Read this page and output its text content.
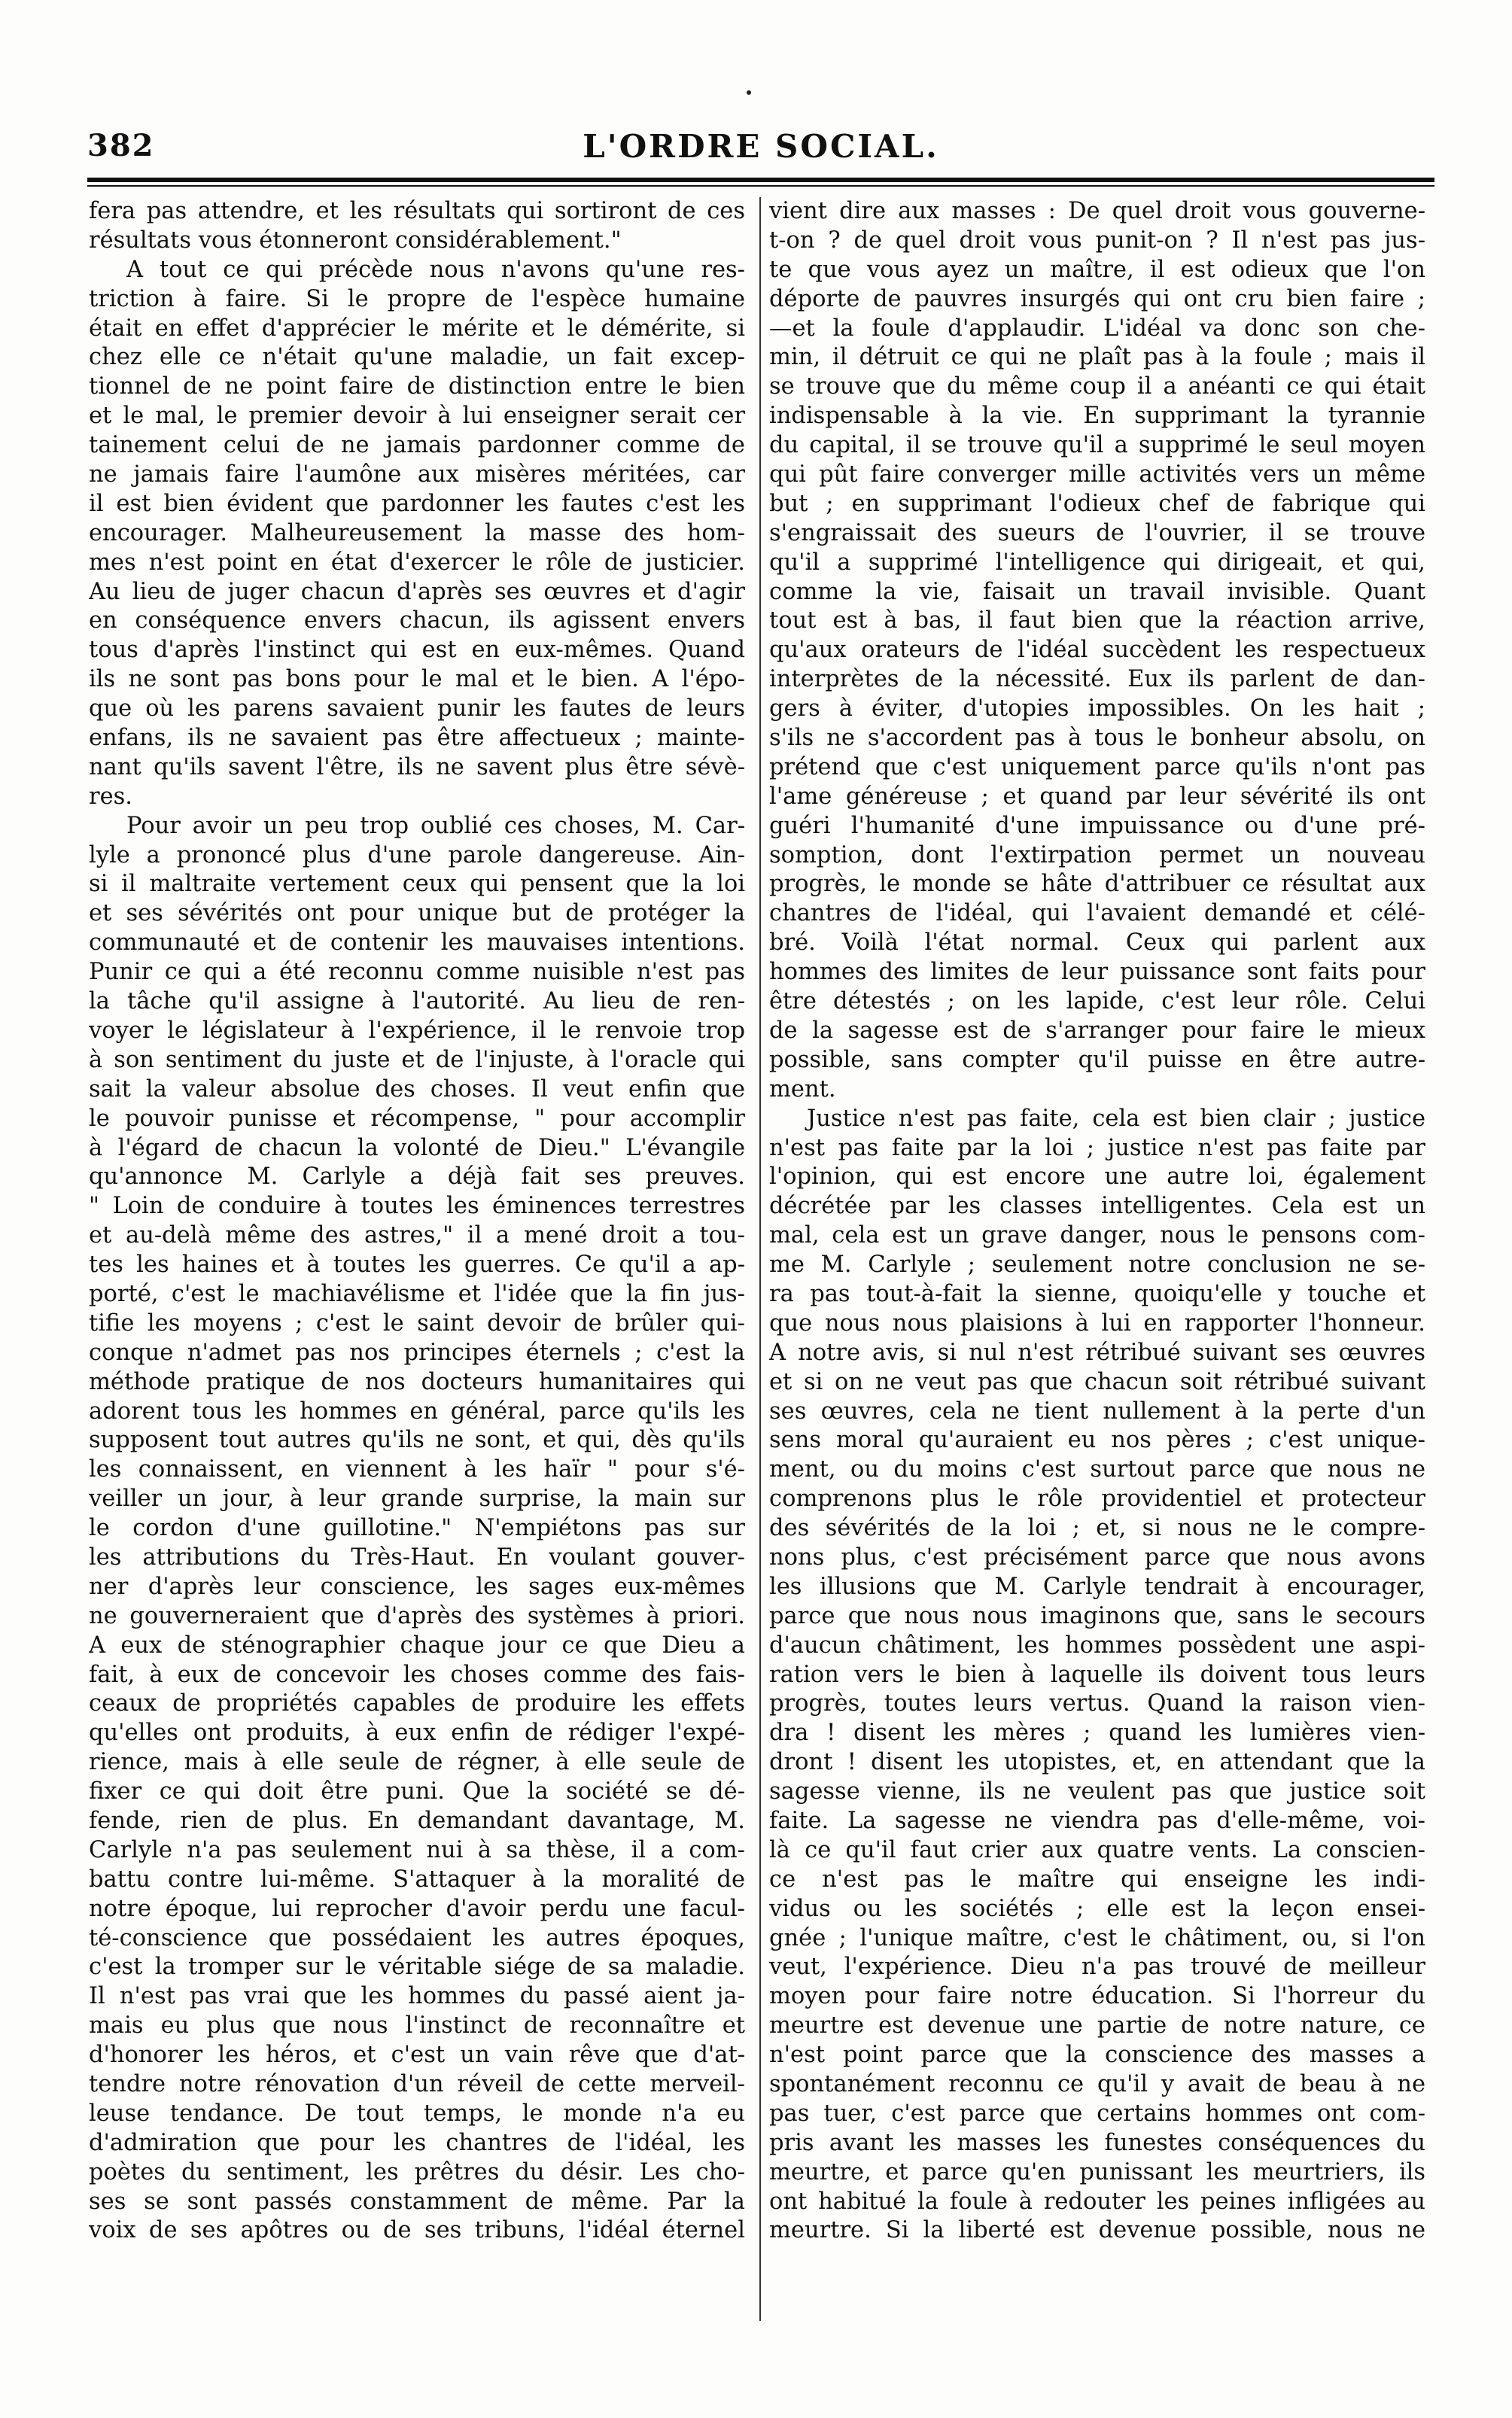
382	L'ORDRE SOCIAL.
fera pas attendre, et les résultats qui sortiront de ces
résultats vous étonneront considérablement."
A tout ce qui précède nous n'avons qu'une res-
triction à faire. Si le propre de l'espèce humaine
était en effet d'apprécier le mérite et le démérite, si
chez elle ce n'était qu'une maladie, un fait excep-
tionnel de ne point faire de distinction entre le bien
et le mal, le premier devoir à lui enseigner serait cer
tainement celui de ne jamais pardonner comme de
ne jamais faire l'aumône aux misères méritées, car
il est bien évident que pardonner les fautes c'est les
encourager. Malheureusement la masse des hom-
mes n'est point en état d'exercer le rôle de justicier.
Au lieu de juger chacun d'après ses œuvres et d'agir
en conséquence envers chacun, ils agissent envers
tous d'après l'instinct qui est en eux-mêmes. Quand
ils ne sont pas bons pour le mal et le bien. A l'épo-
que où les parens savaient punir les fautes de leurs
enfans, ils ne savaient pas être affectueux ; mainte-
nant qu'ils savent l'être, ils ne savent plus être sévè-
res.
Pour avoir un peu trop oublié ces choses, M. Car-
lyle a prononcé plus d'une parole dangereuse. Ain-
si il maltraite vertement ceux qui pensent que la loi
et ses sévérités ont pour unique but de protéger la
communauté et de contenir les mauvaises intentions.
Punir ce qui a été reconnu comme nuisible n'est pas
la tâche qu'il assigne à l'autorité. Au lieu de ren-
voyer le législateur à l'expérience, il le renvoie trop
à son sentiment du juste et de l'injuste, à l'oracle qui
sait la valeur absolue des choses. Il veut enfin que
le pouvoir punisse et récompense, " pour accomplir
à l'égard de chacun la volonté de Dieu." L'évangile
qu'annonce M. Carlyle a déjà fait ses preuves.
" Loin de conduire à toutes les éminences terrestres
et au-delà même des astres," il a mené droit a tou-
tes les haines et à toutes les guerres. Ce qu'il a ap-
porté, c'est le machiavélisme et l'idée que la fin jus-
tifie les moyens ; c'est le saint devoir de brûler qui-
conque n'admet pas nos principes éternels ; c'est la
méthode pratique de nos docteurs humanitaires qui
adorent tous les hommes en général, parce qu'ils les
supposent tout autres qu'ils ne sont, et qui, dès qu'ils
les connaissent, en viennent à les haïr " pour s'é-
veiller un jour, à leur grande surprise, la main sur
le cordon d'une guillotine." N'empiétons pas sur
les attributions du Très-Haut. En voulant gouver-
ner d'après leur conscience, les sages eux-mêmes
ne gouverneraient que d'après des systèmes à priori.
A eux de sténographier chaque jour ce que Dieu a
fait, à eux de concevoir les choses comme des fais-
ceaux de propriétés capables de produire les effets
qu'elles ont produits, à eux enfin de rédiger l'expé-
rience, mais à elle seule de régner, à elle seule de
fixer ce qui doit être puni. Que la société se dé-
fende, rien de plus. En demandant davantage, M.
Carlyle n'a pas seulement nui à sa thèse, il a com-
battu contre lui-même. S'attaquer à la moralité de
notre époque, lui reprocher d'avoir perdu une facul-
té-conscience que possédaient les autres époques,
c'est la tromper sur le véritable siége de sa maladie.
Il n'est pas vrai que les hommes du passé aient ja-
mais eu plus que nous l'instinct de reconnaître et
d'honorer les héros, et c'est un vain rêve que d'at-
tendre notre rénovation d'un réveil de cette merveil-
leuse tendance. De tout temps, le monde n'a eu
d'admiration que pour les chantres de l'idéal, les
poètes du sentiment, les prêtres du désir. Les cho-
ses se sont passés constamment de même. Par la
voix de ses apôtres ou de ses tribuns, l'idéal éternel
vient dire aux masses : De quel droit vous gouverne-
t-on ? de quel droit vous punit-on ? Il n'est pas jus-
te que vous ayez un maître, il est odieux que l'on
déporte de pauvres insurgés qui ont cru bien faire ;
—et la foule d'applaudir. L'idéal va donc son che-
min, il détruit ce qui ne plaît pas à la foule ; mais il
se trouve que du même coup il a anéanti ce qui était
indispensable à la vie. En supprimant la tyrannie
du capital, il se trouve qu'il a supprimé le seul moyen
qui pût faire converger mille activités vers un même
but ; en supprimant l'odieux chef de fabrique qui
s'engraissait des sueurs de l'ouvrier, il se trouve
qu'il a supprimé l'intelligence qui dirigeait, et qui,
comme la vie, faisait un travail invisible. Quant
tout est à bas, il faut bien que la réaction arrive,
qu'aux orateurs de l'idéal succèdent les respectueux
interprètes de la nécessité. Eux ils parlent de dan-
gers à éviter, d'utopies impossibles. On les hait ;
s'ils ne s'accordent pas à tous le bonheur absolu, on
prétend que c'est uniquement parce qu'ils n'ont pas
l'ame généreuse ; et quand par leur sévérité ils ont
guéri l'humanité d'une impuissance ou d'une pré-
somption, dont l'extirpation permet un nouveau
progrès, le monde se hâte d'attribuer ce résultat aux
chantres de l'idéal, qui l'avaient demandé et célé-
bré. Voilà l'état normal. Ceux qui parlent aux
hommes des limites de leur puissance sont faits pour
être détestés ; on les lapide, c'est leur rôle. Celui
de la sagesse est de s'arranger pour faire le mieux
possible, sans compter qu'il puisse en être autre-
ment.
Justice n'est pas faite, cela est bien clair ; justice
n'est pas faite par la loi ; justice n'est pas faite par
l'opinion, qui est encore une autre loi, également
décrétée par les classes intelligentes. Cela est un
mal, cela est un grave danger, nous le pensons com-
me M. Carlyle ; seulement notre conclusion ne se-
ra pas tout-à-fait la sienne, quoiqu'elle y touche et
que nous nous plaisions à lui en rapporter l'honneur.
A notre avis, si nul n'est rétribué suivant ses œuvres
et si on ne veut pas que chacun soit rétribué suivant
ses œuvres, cela ne tient nullement à la perte d'un
sens moral qu'auraient eu nos pères ; c'est unique-
ment, ou du moins c'est surtout parce que nous ne
comprenons plus le rôle providentiel et protecteur
des sévérités de la loi ; et, si nous ne le compre-
nons plus, c'est précisément parce que nous avons
les illusions que M. Carlyle tendrait à encourager,
parce que nous nous imaginons que, sans le secours
d'aucun châtiment, les hommes possèdent une aspi-
ration vers le bien à laquelle ils doivent tous leurs
progrès, toutes leurs vertus. Quand la raison vien-
dra ! disent les mères ; quand les lumières vien-
dront ! disent les utopistes, et, en attendant que la
sagesse vienne, ils ne veulent pas que justice soit
faite. La sagesse ne viendra pas d'elle-même, voi-
là ce qu'il faut crier aux quatre vents. La conscien-
ce n'est pas le maître qui enseigne les indi-
vidus ou les sociétés ; elle est la leçon ensei-
gnée ; l'unique maître, c'est le châtiment, ou, si l'on
veut, l'expérience. Dieu n'a pas trouvé de meilleur
moyen pour faire notre éducation. Si l'horreur du
meurtre est devenue une partie de notre nature, ce
n'est point parce que la conscience des masses a
spontanément reconnu ce qu'il y avait de beau à ne
pas tuer, c'est parce que certains hommes ont com-
pris avant les masses les funestes conséquences du
meurtre, et parce qu'en punissant les meurtriers, ils
ont habitué la foule à redouter les peines infligées au
meurtre. Si la liberté est devenue possible, nous ne
